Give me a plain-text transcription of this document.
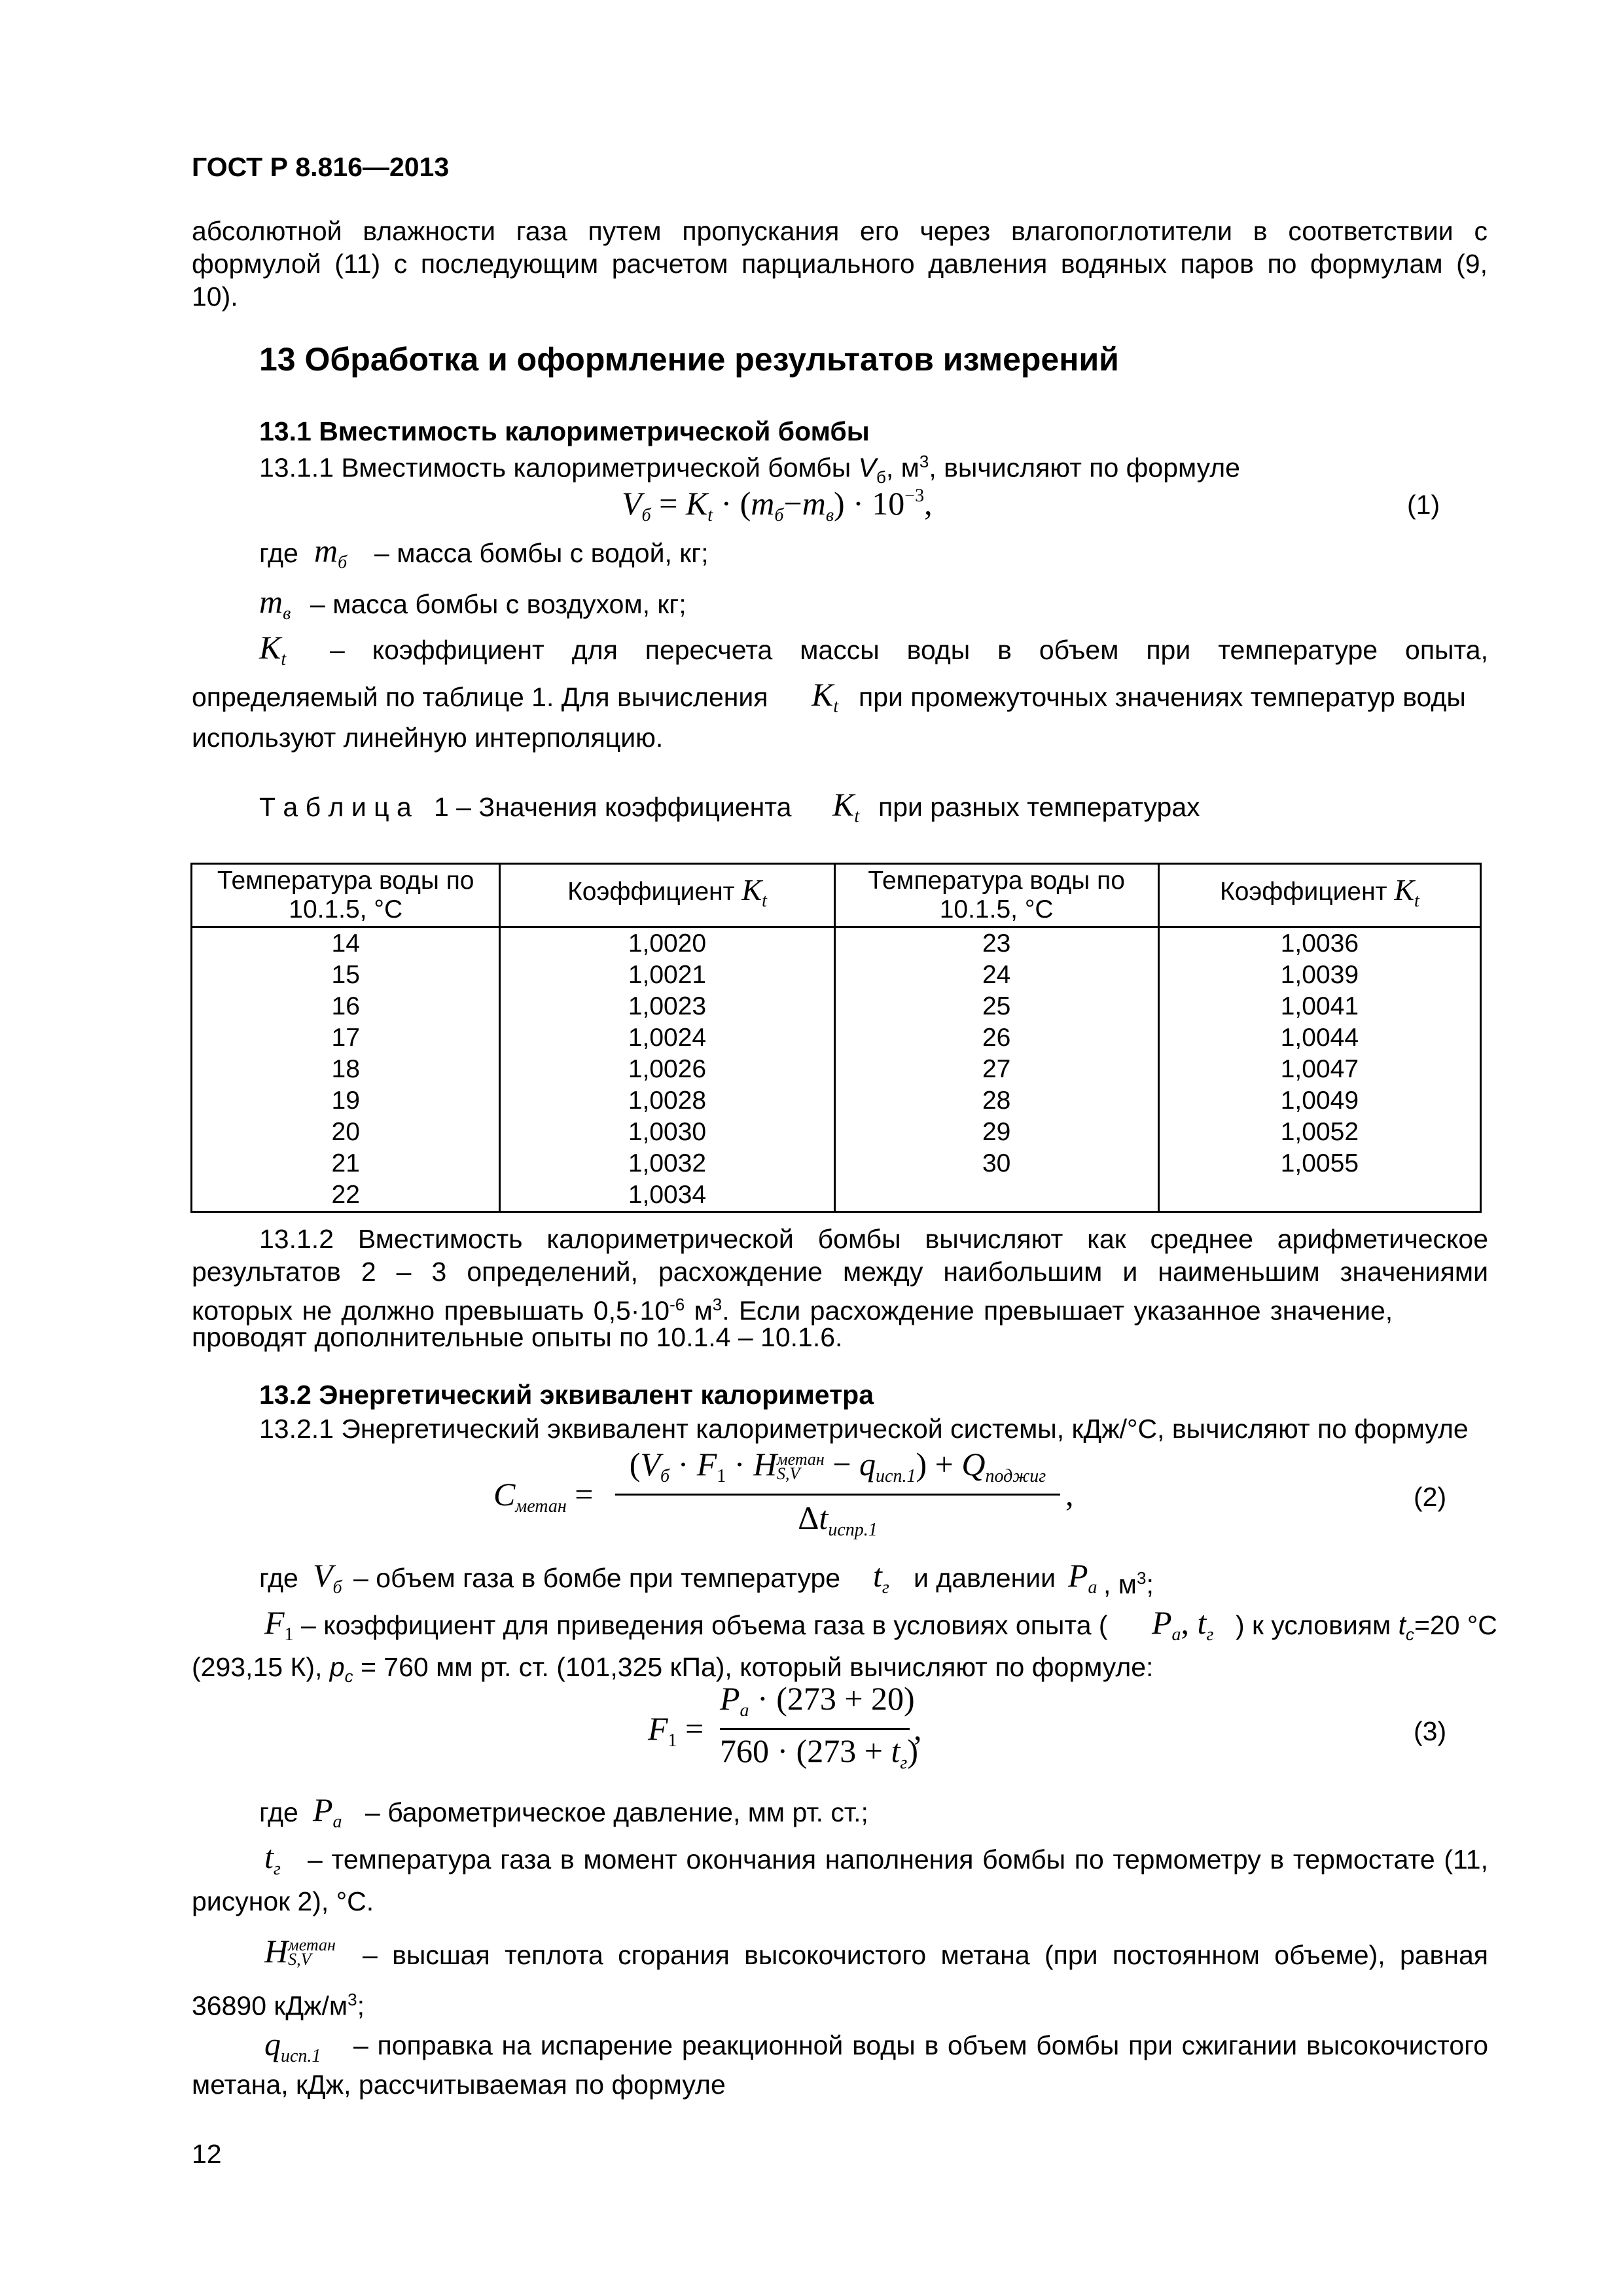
ГОСТ Р 8.816—2013
абсолютной влажности газа путем пропускания его через влагопоглотители в соответствии с
формулой (11) с последующим расчетом парциального давления водяных паров по формулам (9,
10).
13 Обработка и оформление результатов измерений
13.1 Вместимость калориметрической бомбы
13.1.1 Вместимость калориметрической бомбы $V_б$, $м^3$, вычисляют по формуле
$V_б = K_t \cdot (m_б-m_в) \cdot 10^{-3}$,	(1)
где $m_б$ – масса бомбы с водой, кг;
$m_в$ – масса бомбы с воздухом, кг;
$K_t$ – коэффициент для пересчета массы воды в объем при температуре опыта,
определяемый по таблице 1. Для вычисления $K_t$ при промежуточных значениях температур воды
используют линейную интерполяцию.
Т а б л и ц а   1 – Значения коэффициента $K_t$ при разных температурах
Температура воды по 10.1.5, °С	Коэффициент $K_t$	Температура воды по 10.1.5, °С	Коэффициент $K_t$
14	1,0020	23	1,0036
15	1,0021	24	1,0039
16	1,0023	25	1,0041
17	1,0024	26	1,0044
18	1,0026	27	1,0047
19	1,0028	28	1,0049
20	1,0030	29	1,0052
21	1,0032	30	1,0055
22	1,0034		
13.1.2 Вместимость калориметрической бомбы вычисляют как среднее арифметическое
результатов 2 – 3 определений, расхождение между наибольшим и наименьшим значениями
которых не должно превышать $0,5\cdot 10^{-6}$ $м^3$. Если расхождение превышает указанное значение,
проводят дополнительные опыты по 10.1.4 – 10.1.6.
13.2 Энергетический эквивалент калориметра
13.2.1 Энергетический эквивалент калориметрической системы, кДж/°С, вычисляют по формуле
$C_{метан}$ =
($V_б \cdot F_1 \cdot H$ метан
$S,V - q_{исп.1}) + Q_{поджиг}$
$\Delta t_{испр.1}$
,	(2)
где $V_б$ – объем газа в бомбе при температуре $t_г$ и давлении $P_a$ , $м^3$;
$F_1$ – коэффициент для приведения объема газа в условиях опыта ( $P_a$, $t_г$ ) к условиям $t_c=20$ °С
(293,15 К), $p_c = 760$ мм рт. ст. (101,325 кПа), который вычисляют по формуле:
$F_1$ =
$P_a \cdot (273 + 20)$
$760 \cdot (273 + t_г)$
,	(3)
где $P_a$ – барометрическое давление, мм рт. ст.;
$t_г$ – температура газа в момент окончания наполнения бомбы по термометру в термостате (11,
рисунок 2), °С.
H метан
S,V	– высшая теплота сгорания высокочистого метана (при постоянном объеме), равная
36890 кДж/$м^3$;
$q_{исп.1}$ – поправка на испарение реакционной воды в объем бомбы при сжигании высокочистого
метана, кДж, рассчитываемая по формуле
12
